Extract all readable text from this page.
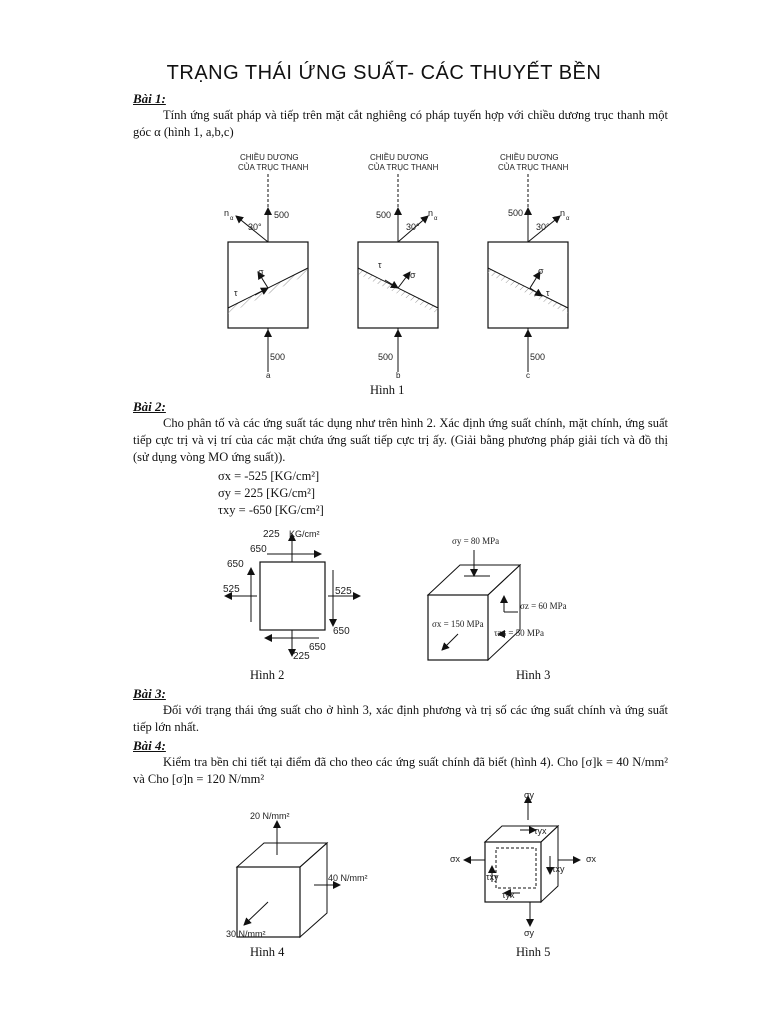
TRẠNG THÁI ỨNG SUẤT- CÁC THUYẾT BỀN
Bài 1:
Tính ứng suất pháp và tiếp trên mặt cắt nghiêng có pháp tuyến hợp với chiều dương trục thanh một góc α (hình 1, a,b,c)
CHIỀU DƯƠNG
CỦA TRỤC THANH
500
n
α
30°
σ
τ
500
a
CHIỀU DƯƠNG
CỦA TRỤC THANH
500	n
α
30°
σ
τ
500
b
CHIỀU DƯƠNG
CỦA TRỤC THANH
500	n
α
30°
σ
τ
500
c
Hình 1
Bài 2:
Cho phân tố và các ứng suất tác dụng như trên hình 2. Xác định ứng suất chính, mặt chính, ứng suất tiếp cực trị và vị trí của các mặt chứa ứng suất tiếp cực trị ấy. (Giải bằng phương pháp giải tích và đồ thị (sử dụng vòng MO ứng suất)).
σx = -525 [KG/cm²]
σy = 225 [KG/cm²]
τxy = -650 [KG/cm²]
225 KG/cm²
650
650
525	525
650
650
225
Hình 2
σy = 80 MPa
σz = 60 MPa
σx = 150 MPa
τzx = 50 MPa
Hình 3
Bài 3:
Đối với trạng thái ứng suất cho ở hình 3, xác định phương và trị số các ứng suất chính và ứng suất tiếp lớn nhất.
Bài 4:
Kiểm tra bền chi tiết tại điểm đã cho theo các ứng suất chính đã biết (hình 4). Cho [σ]k = 40 N/mm² và Cho [σ]n = 120 N/mm²
20 N/mm²
40 N/mm²
30 N/mm²
Hình 4
σy
τyx
σx	σx
τxy
τxy
τyx
σy
Hình 5
